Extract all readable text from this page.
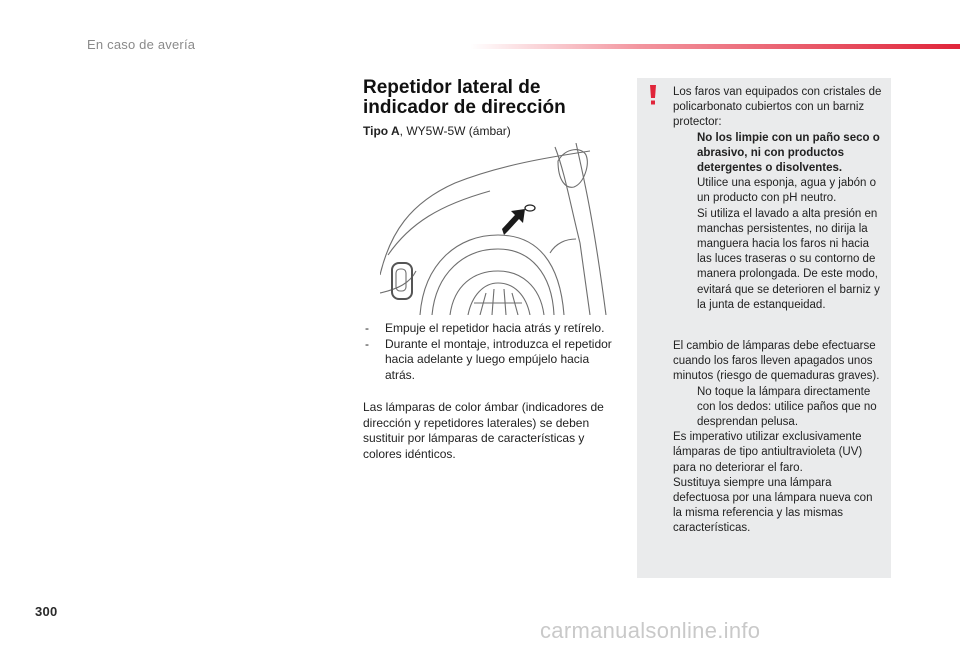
En caso de avería
Repetidor lateral de
indicador de dirección
Tipo A, WY5W-5W (ámbar)
- Empuje el repetidor hacia atrás y retírelo.
- Durante el montaje, introduzca el repetidor hacia adelante y luego empújelo hacia atrás.

Las lámparas de color ámbar (indicadores de dirección y repetidores laterales) se deben sustituir por lámparas de características y colores idénticos.

Los faros van equipados con cristales de policarbonato cubiertos con un barniz protector:

No los limpie con un paño seco o abrasivo, ni con productos detergentes o disolventes.
Utilice una esponja, agua y jabón o un producto con pH neutro.
Si utiliza el lavado a alta presión en manchas persistentes, no dirija la manguera hacia los faros ni hacia las luces traseras o su contorno de manera prolongada. De este modo, evitará que se deterioren el barniz y la junta de estanqueidad.

El cambio de lámparas debe efectuarse cuando los faros lleven apagados unos minutos (riesgo de quemaduras graves).

No toque la lámpara directamente con los dedos: utilice paños que no desprendan pelusa.

Es imperativo utilizar exclusivamente lámparas de tipo antiultravioleta (UV) para no deteriorar el faro.

Sustituya siempre una lámpara defectuosa por una lámpara nueva con la misma referencia y las mismas características.

300
carmanualsonline.info
